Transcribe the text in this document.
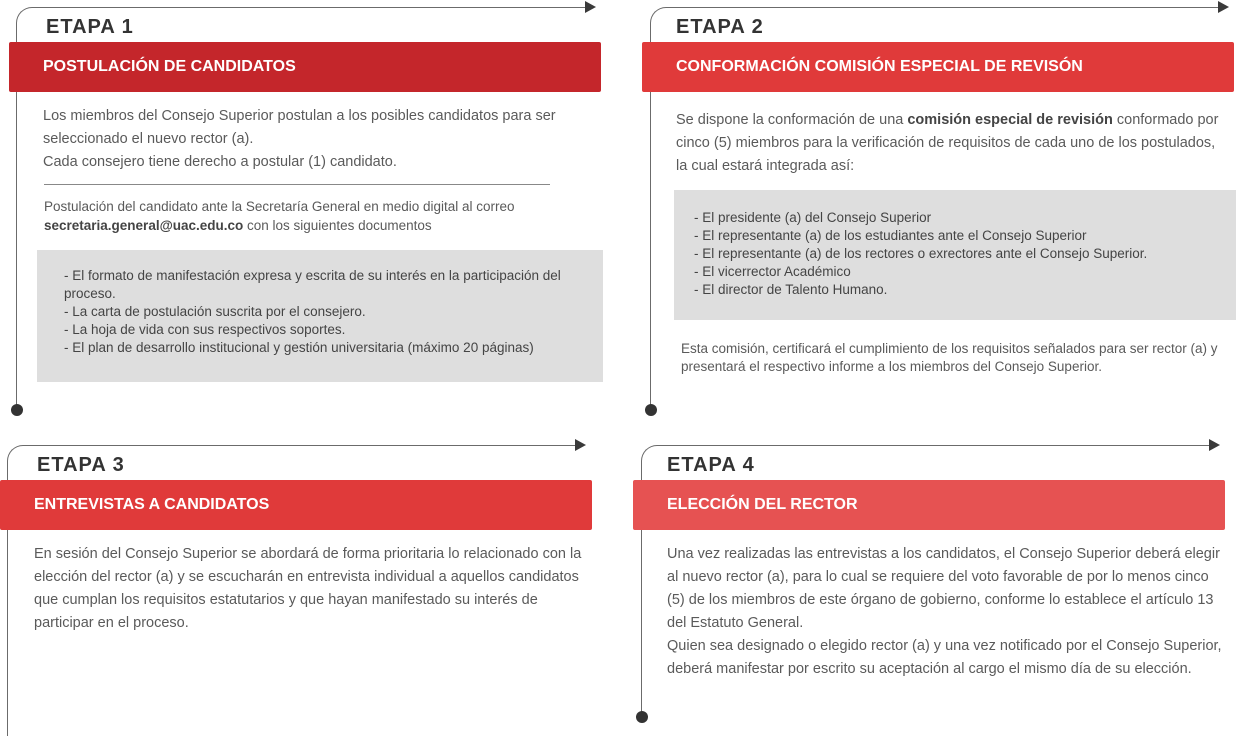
ETAPA 1
POSTULACIÓN DE CANDIDATOS

Los miembros del Consejo Superior postulan a los posibles candidatos para ser seleccionado el nuevo rector (a).

Cada consejero tiene derecho a postular (1) candidato.

Postulación del candidato ante la Secretaría General en medio digital al correo
secretaria.general@uac.edu.co con los siguientes documentos
- El formato de manifestación expresa y escrita de su interés en la participación del proceso.
- La carta de postulación suscrita por el consejero.
- La hoja de vida con sus respectivos soportes.
- El plan de desarrollo institucional y gestión universitaria (máximo 20 páginas)
ETAPA 2
CONFORMACIÓN COMISIÓN ESPECIAL DE REVISÓN
Se dispone la conformación de una comisión especial de revisión conformado por cinco (5) miembros para la verificación de requisitos de cada uno de los postulados, la cual estará integrada así:
- El presidente (a) del Consejo Superior
- El representante (a) de los estudiantes ante el Consejo Superior
- El representante (a) de los rectores o exrectores ante el Consejo Superior.
- El vicerrector Académico
- El director de Talento Humano.
Esta comisión, certificará el cumplimiento de los requisitos señalados para ser rector (a) y presentará el respectivo informe a los miembros del Consejo Superior.
ETAPA 3
ENTREVISTAS A CANDIDATOS
En sesión del Consejo Superior se abordará de forma prioritaria lo relacionado con la elección del rector (a) y se escucharán en entrevista individual a aquellos candidatos que cumplan los requisitos estatutarios y que hayan manifestado su interés de participar en el proceso.
ETAPA 4
ELECCIÓN DEL RECTOR

Una vez realizadas las entrevistas a los candidatos, el Consejo Superior deberá elegir al nuevo rector (a), para lo cual se requiere del voto favorable de por lo menos cinco (5) de los miembros de este órgano de gobierno, conforme lo establece el artículo 13 del Estatuto General.

Quien sea designado o elegido rector (a) y una vez notificado por el Consejo Superior, deberá manifestar por escrito su aceptación al cargo el mismo día de su elección.
